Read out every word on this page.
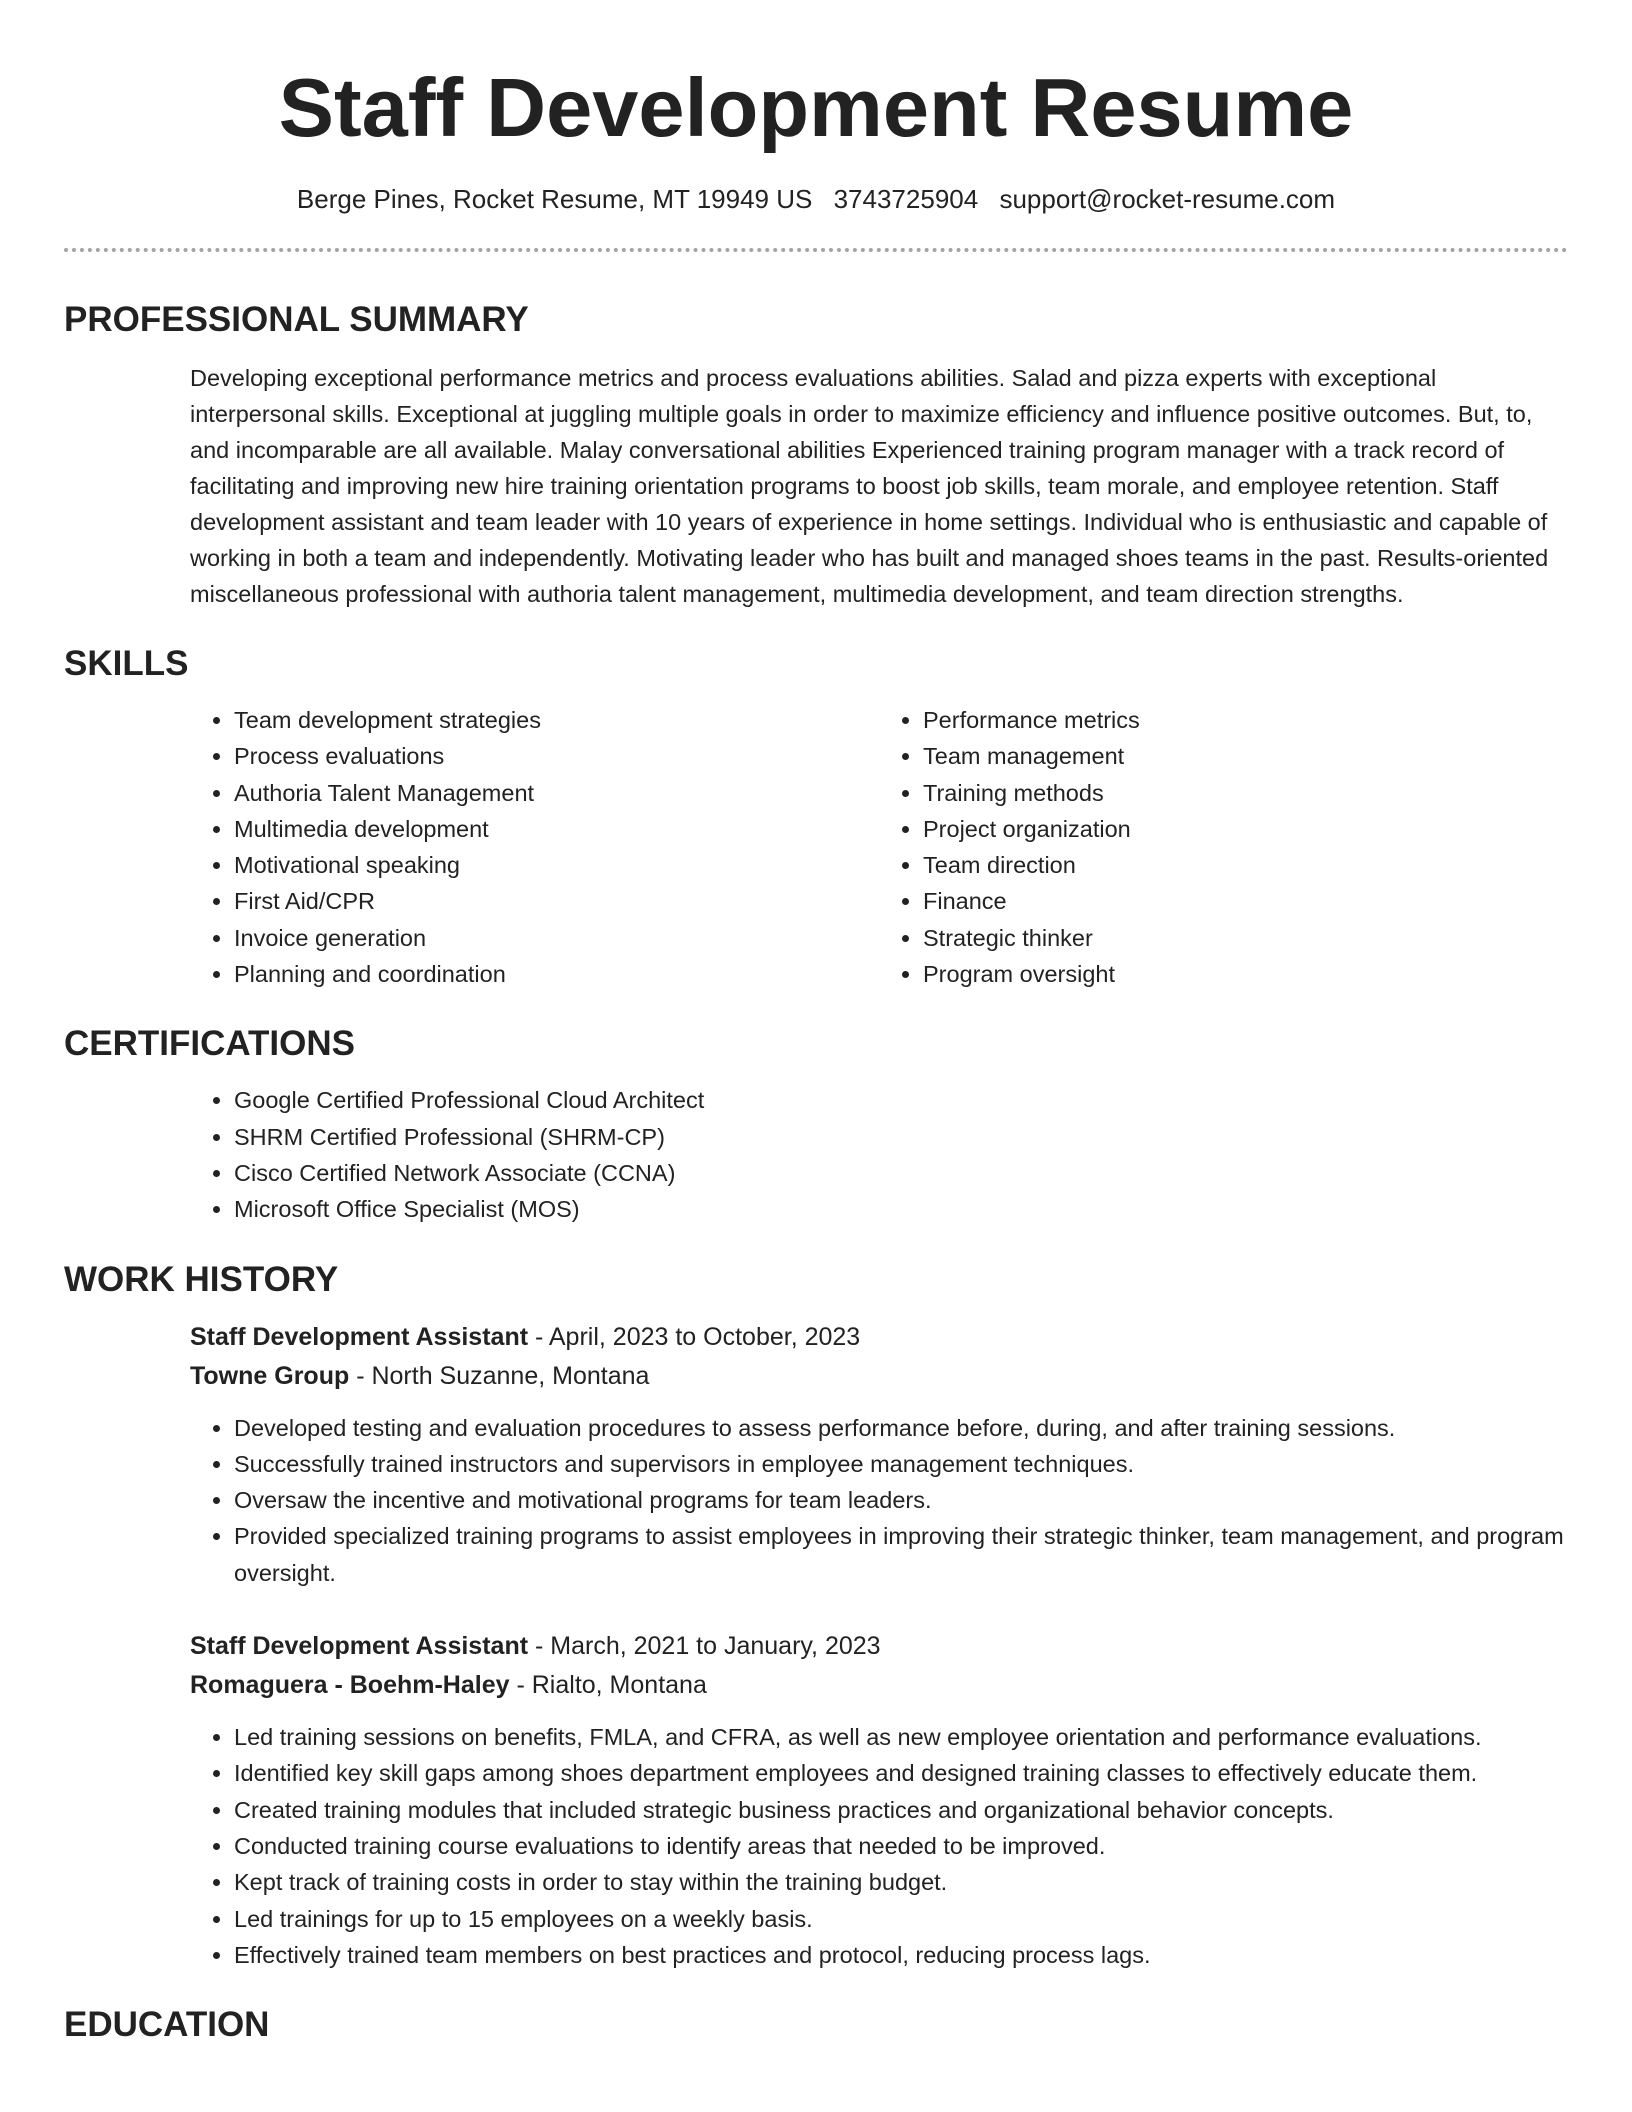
Staff Development Resume
Berge Pines, Rocket Resume, MT 19949 US 3743725904 support@rocket-resume.com
PROFESSIONAL SUMMARY
Developing exceptional performance metrics and process evaluations abilities. Salad and pizza experts with exceptional interpersonal skills. Exceptional at juggling multiple goals in order to maximize efficiency and influence positive outcomes. But, to, and incomparable are all available. Malay conversational abilities Experienced training program manager with a track record of facilitating and improving new hire training orientation programs to boost job skills, team morale, and employee retention. Staff development assistant and team leader with 10 years of experience in home settings. Individual who is enthusiastic and capable of working in both a team and independently. Motivating leader who has built and managed shoes teams in the past. Results-oriented miscellaneous professional with authoria talent management, multimedia development, and team direction strengths.
SKILLS
• Team development strategies
• Process evaluations
• Authoria Talent Management
• Multimedia development
• Motivational speaking
• First Aid/CPR
• Invoice generation
• Planning and coordination
• Performance metrics
• Team management
• Training methods
• Project organization
• Team direction
• Finance
• Strategic thinker
• Program oversight
CERTIFICATIONS
• Google Certified Professional Cloud Architect
• SHRM Certified Professional (SHRM-CP)
• Cisco Certified Network Associate (CCNA)
• Microsoft Office Specialist (MOS)
WORK HISTORY
Staff Development Assistant - April, 2023 to October, 2023
Towne Group - North Suzanne, Montana
• Developed testing and evaluation procedures to assess performance before, during, and after training sessions.
• Successfully trained instructors and supervisors in employee management techniques.
• Oversaw the incentive and motivational programs for team leaders.
• Provided specialized training programs to assist employees in improving their strategic thinker, team management, and program oversight.
Staff Development Assistant - March, 2021 to January, 2023
Romaguera - Boehm-Haley - Rialto, Montana
• Led training sessions on benefits, FMLA, and CFRA, as well as new employee orientation and performance evaluations.
• Identified key skill gaps among shoes department employees and designed training classes to effectively educate them.
• Created training modules that included strategic business practices and organizational behavior concepts.
• Conducted training course evaluations to identify areas that needed to be improved.
• Kept track of training costs in order to stay within the training budget.
• Led trainings for up to 15 employees on a weekly basis.
• Effectively trained team members on best practices and protocol, reducing process lags.
EDUCATION
